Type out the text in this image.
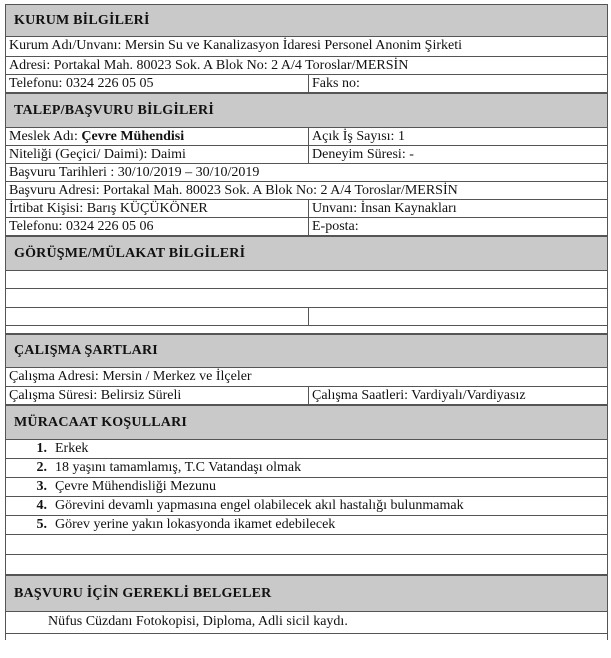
KURUM BİLGİLERİ
Kurum Adı/Unvanı: Mersin Su ve Kanalizasyon İdaresi Personel Anonim Şirketi
Adresi: Portakal Mah. 80023 Sok. A Blok No: 2 A/4 Toroslar/MERSİN
Telefonu: 0324 226 05 05	Faks no:
TALEP/BAŞVURU BİLGİLERİ
Meslek Adı: Çevre Mühendisi	Açık İş Sayısı: 1
Niteliği (Geçici/ Daimi): Daimi	Deneyim Süresi: -
Başvuru Tarihleri : 30/10/2019 – 30/10/2019
Başvuru Adresi: Portakal Mah. 80023 Sok. A Blok No: 2 A/4 Toroslar/MERSİN
İrtibat Kişisi: Barış KÜÇÜKÖNER	Unvanı: İnsan Kaynakları
Telefonu: 0324 226 05 06	E-posta:
GÖRÜŞME/MÜLAKAT BİLGİLERİ
ÇALIŞMA ŞARTLARI
Çalışma Adresi: Mersin / Merkez ve İlçeler
Çalışma Süresi: Belirsiz Süreli	Çalışma Saatleri: Vardiyalı/Vardiyasız
MÜRACAAT KOŞULLARI
1. Erkek
2. 18 yaşını tamamlamış, T.C Vatandaşı olmak
3. Çevre Mühendisliği Mezunu
4. Görevini devamlı yapmasına engel olabilecek akıl hastalığı bulunmamak
5. Görev yerine yakın lokasyonda ikamet edebilecek
BAŞVURU İÇİN GEREKLİ BELGELER
Nüfus Cüzdanı Fotokopisi, Diploma, Adli sicil kaydı.
